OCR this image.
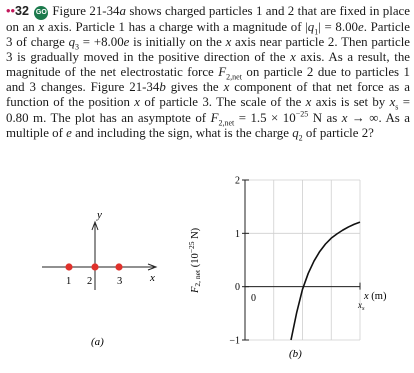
••32 GO Figure 21-34a shows charged particles 1 and 2 that are fixed in place on an x axis. Particle 1 has a charge with a magnitude of $|q_1| = 8.00e$. Particle 3 of charge $q_3 = +8.00e$ is initially on the x axis near particle 2. Then particle 3 is gradually moved in the positive direction of the x axis. As a result, the magnitude of the net electrostatic force $F_{2,net}$ on particle 2 due to particles 1 and 3 changes. Figure 21-34b gives the x component of that net force as a function of the position x of particle 3. The scale of the x axis is set by $x_s = 0.80$ m. The plot has an asymptote of $F_{2,net} = 1.5 \times 10^{-25}$ N as x → ∞. As a multiple of e and including the sign, what is the charge $q_2$ of particle 2?
y
x
1 2 3
(a)
F2, net ($10^{-25}$ N)
−1
0
1
2
0
$x_s$
x (m)
(b)
